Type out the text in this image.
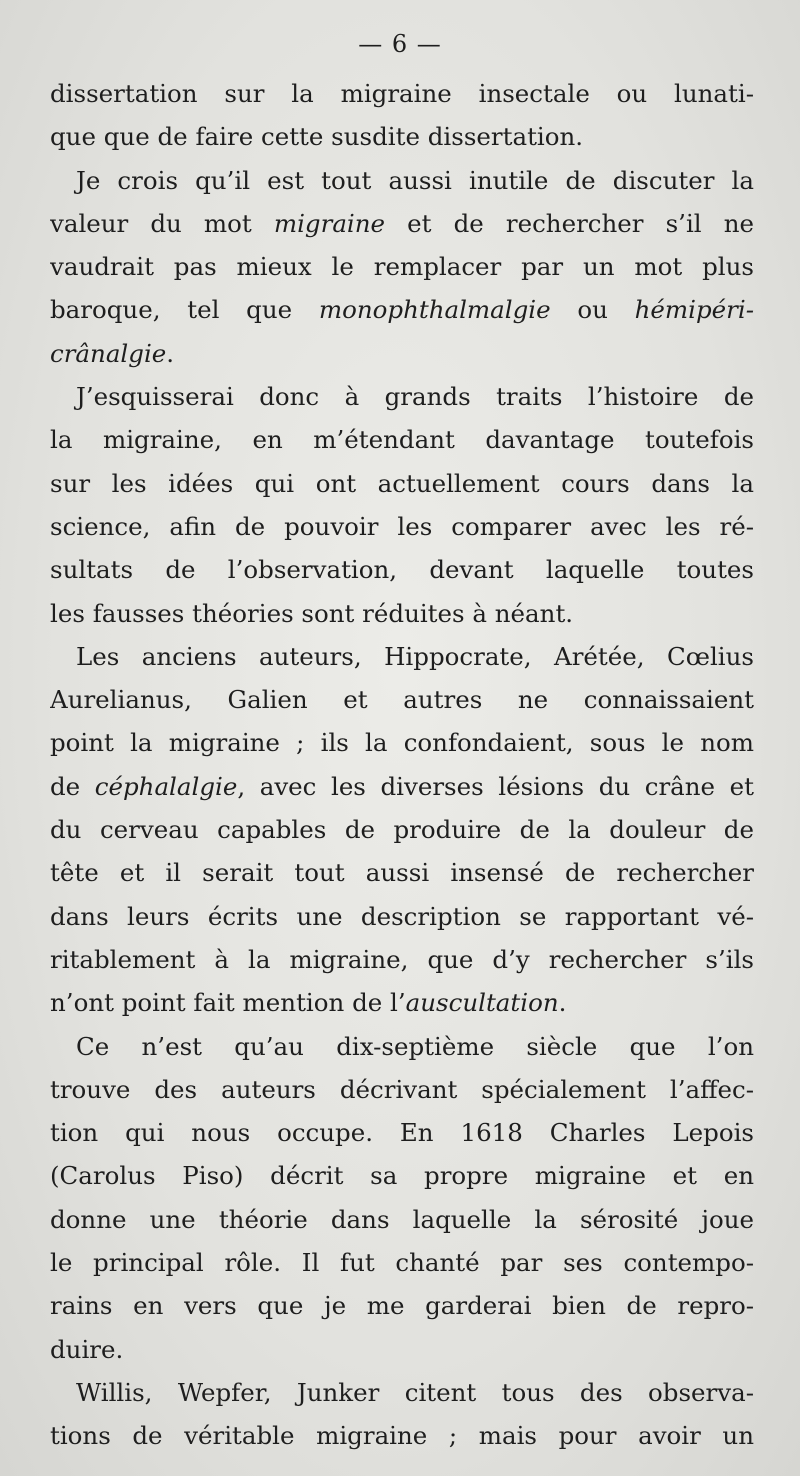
— 6 —
dissertation sur la migraine insectale ou lunati-
que que de faire cette susdite dissertation.
Je crois qu’il est tout aussi inutile de discuter la
valeur du mot migraine et de rechercher s’il ne
vaudrait pas mieux le remplacer par un mot plus
baroque, tel que monophthalmalgie ou hémipéri-
crânalgie.
J’esquisserai donc à grands traits l’histoire de
la migraine, en m’étendant davantage toutefois
sur les idées qui ont actuellement cours dans la
science, afin de pouvoir les comparer avec les ré-
sultats de l’observation, devant laquelle toutes
les fausses théories sont réduites à néant.
Les anciens auteurs, Hippocrate, Arétée, Cœlius
Aurelianus, Galien et autres ne connaissaient
point la migraine ; ils la confondaient, sous le nom
de céphalalgie, avec les diverses lésions du crâne et
du cerveau capables de produire de la douleur de
tête et il serait tout aussi insensé de rechercher
dans leurs écrits une description se rapportant vé-
ritablement à la migraine, que d’y rechercher s’ils
n’ont point fait mention de l’auscultation.
Ce n’est qu’au dix-septième siècle que l’on
trouve des auteurs décrivant spécialement l’affec-
tion qui nous occupe. En 1618 Charles Lepois
(Carolus Piso) décrit sa propre migraine et en
donne une théorie dans laquelle la sérosité joue
le principal rôle. Il fut chanté par ses contempo-
rains en vers que je me garderai bien de repro-
duire.
Willis, Wepfer, Junker citent tous des observa-
tions de véritable migraine ; mais pour avoir un
